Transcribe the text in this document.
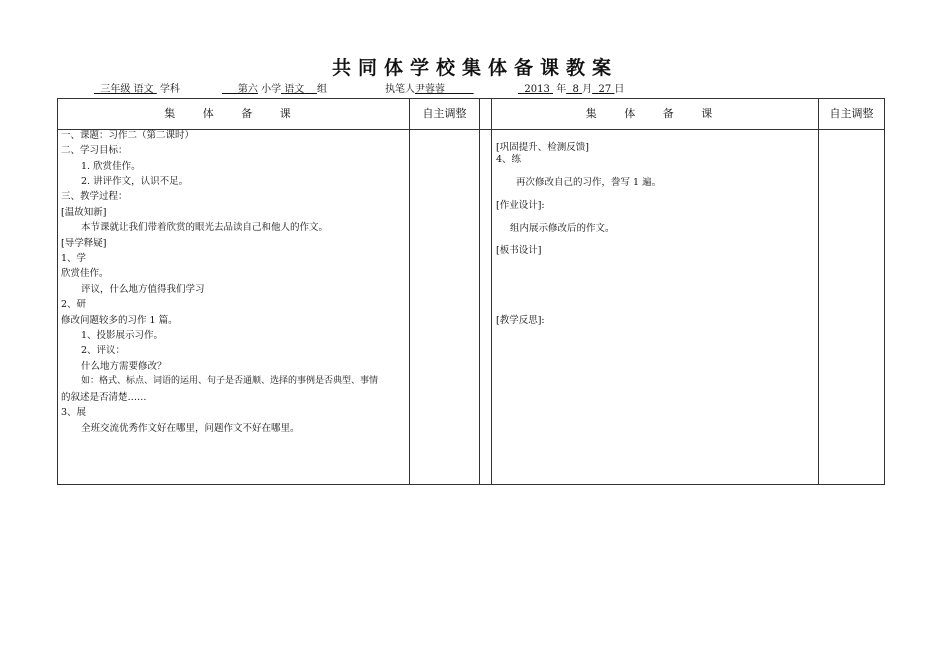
共同体学校集体备课教案
三年级 语文 学科	第六 小学 语文 组	执笔人尹蓉蓉	2013 年 8 月 27 日
集 体 备 课	自主调整	集 体 备 课	自主调整
一、课题：习作二（第二课时）
二、学习目标：
1. 欣赏佳作。
2. 讲评作文，认识不足。
三、教学过程：
[温故知新]
本节课就让我们带着欣赏的眼光去品读自己和他人的作文。
[导学释疑]
1、学
欣赏佳作。
评议，什么地方值得我们学习
2、研
修改问题较多的习作 1 篇。
1、投影展示习作。
2、评议：
什么地方需要修改？
如：格式、标点、词语的运用、句子是否通顺、选择的事例是否典型、事情
的叙述是否清楚……
3、展
全班交流优秀作文好在哪里，问题作文不好在哪里。
[巩固提升、检测反馈]
4、练
再次修改自己的习作，誊写 1 遍。
[作业设计]:
组内展示修改后的作文。
[板书设计]
[教学反思]:
